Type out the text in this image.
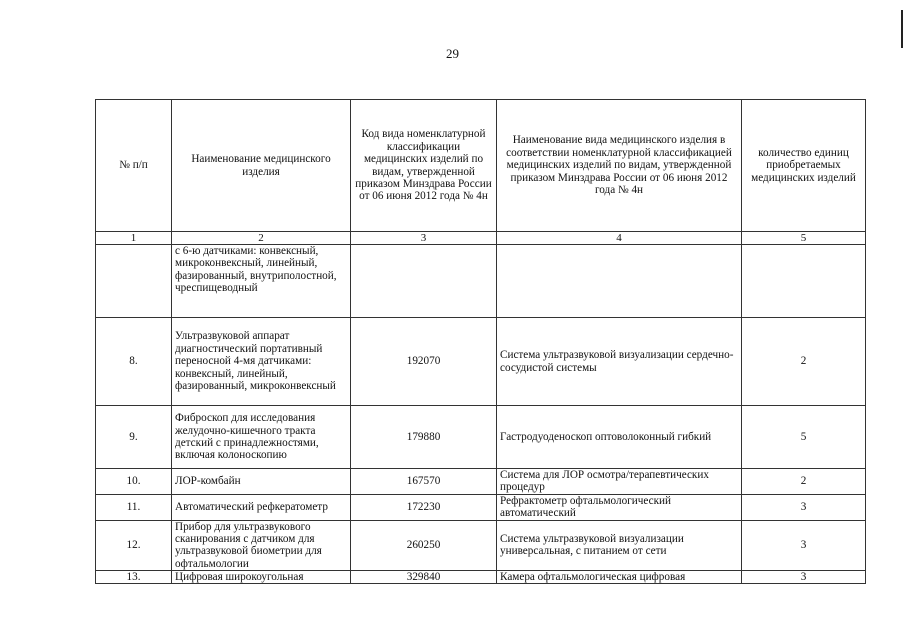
29
№ п/п	Наименование медицинского изделия	Код вида номенклатурной классификации медицинских изделий по видам, утвержденной приказом Минздрава России от 06 июня 2012 года № 4н	Наименование вида медицинского изделия в соответствии номенклатурной классификацией медицинских изделий по видам, утвержденной приказом Минздрава России от 06 июня 2012 года № 4н	количество единиц приобретаемых медицинских изделий
1	2	3	4	5
	с 6-ю датчиками: конвексный, микроконвексный, линейный, фазированный, внутриполостной, чреспищеводный			
8.	Ультразвуковой аппарат диагностический портативный переносной 4-мя датчиками: конвексный, линейный, фазированный, микроконвексный	192070	Система ультразвуковой визуализации сердечно-сосудистой системы	2
9.	Фиброскоп для исследования желудочно-кишечного тракта детский с принадлежностями, включая колоноскопию	179880	Гастродуоденоскоп оптоволоконный гибкий	5
10.	ЛОР-комбайн	167570	Система для ЛОР осмотра/терапевтических процедур	2
11.	Автоматический рефкератометр	172230	Рефрактометр офтальмологический автоматический	3
12.	Прибор для ультразвукового сканирования с датчиком для ультразвуковой биометрии для офтальмологии	260250	Система ультразвуковой визуализации универсальная, с питанием от сети	3
13.	Цифровая широкоугольная	329840	Камера офтальмологическая цифровая	3
